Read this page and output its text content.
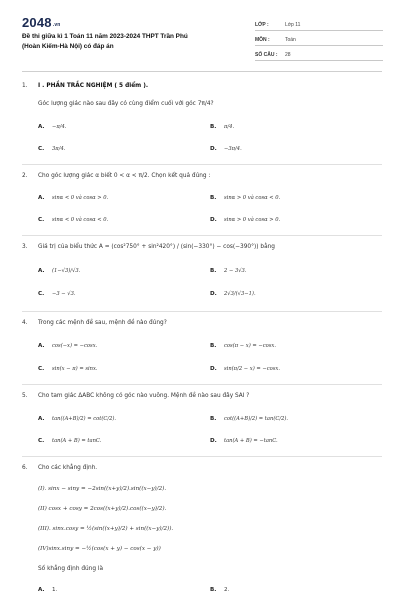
2048.vn
Đề thi giữa kì 1 Toán 11 năm 2023-2024 THPT Trần Phú
(Hoàn Kiếm-Hà Nội) có đáp án
LỚP :	Lớp 11
MÔN :	Toán
SỐ CÂU :	28
1. I . PHẦN TRẮC NGHIỆM ( 5 điểm ).
Góc lượng giác nào sau đây có cùng điểm cuối với góc 7π/4?
A. −π/4.	B. π/4.
C. 3π/4.	D. −3π/4.
2. Cho góc lượng giác α biết 0 < α < π/2. Chọn kết quả đúng :
A. sinα < 0 và cosα > 0.	B. sinα > 0 và cosα < 0.
C. sinα < 0 và cosα < 0.	D. sinα > 0 và cosα > 0.
3. Giá trị của biểu thức A = (cos²750° + sin²420°) / (sin(−330°) − cos(−390°)) bằng
A. (1−√3)/√3.	B. 2 − 3√3.
C. −3 − √3.	D. 2√3/(√3−1).
4. Trong các mệnh đề sau, mệnh đề nào đúng?
A. cos(−x) = −cosx.	B. cos(π − x) = −cosx.
C. sin(x − π) = sinx.	D. sin(π/2 − x) = −cosx.
5. Cho tam giác ΔABC không có góc nào vuông. Mệnh đề nào sau đây SAI ?
A. tan((A+B)/2) = cot(C/2).	B. cot((A+B)/2) = tan(C/2).
C. tan(A + B) = tanC.	D. tan(A + B) = −tanC.
6. Cho các khẳng định.
(I). sinx − siny = −2sin((x+y)/2).sin((x−y)/2).
(II) cosx + cosy = 2cos((x+y)/2).cos((x−y)/2).
(III). sinx.cosy = ½(sin((x+y)/2) + sin((x−y)/2)).
(IV)sinx.siny = −½(cos(x + y) − cos(x − y))
Số khẳng định đúng là
A. 1.	B. 2.
